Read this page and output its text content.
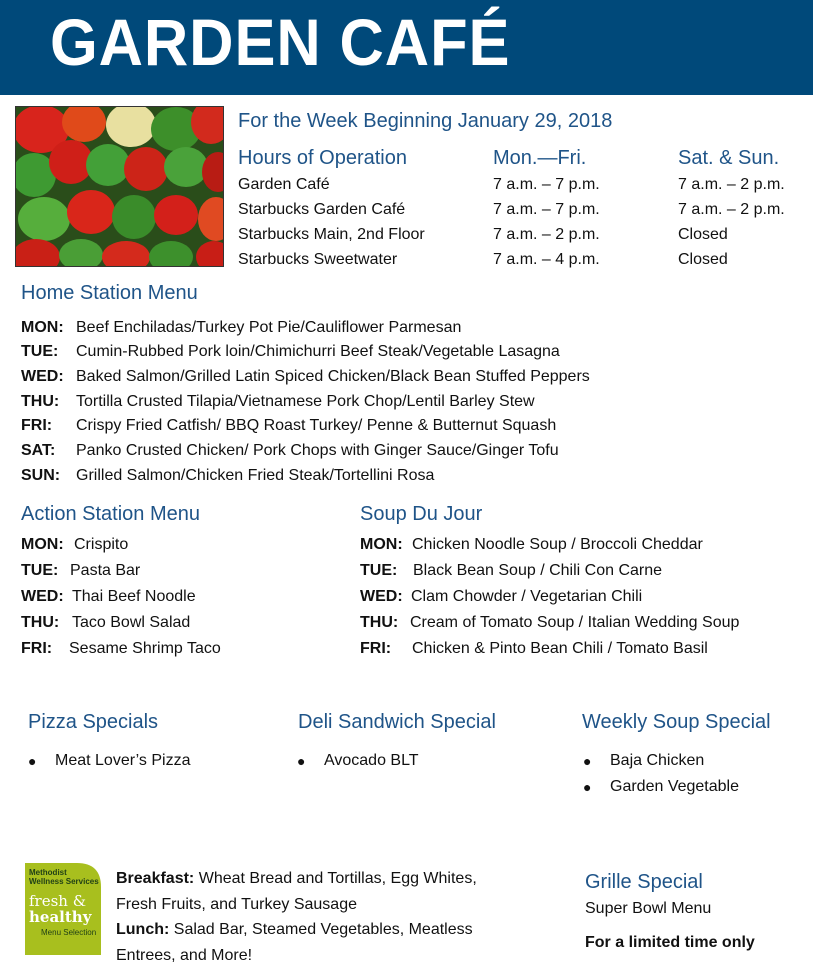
GARDEN CAFÉ
For the Week Beginning January 29, 2018
Hours of Operation	Mon.—Fri.	Sat. & Sun.
Garden Café	7 a.m. – 7 p.m.	7 a.m. – 2 p.m.
Starbucks Garden Café	7 a.m. – 7 p.m.	7 a.m. – 2 p.m.
Starbucks Main, 2nd Floor	7 a.m. – 2 p.m.	Closed
Starbucks Sweetwater	7 a.m. – 4 p.m.	Closed
Home Station Menu
MON: Beef Enchiladas/Turkey Pot Pie/Cauliflower Parmesan
TUE: Cumin-Rubbed Pork loin/Chimichurri Beef Steak/Vegetable Lasagna
WED: Baked Salmon/Grilled Latin Spiced Chicken/Black Bean Stuffed Peppers
THU: Tortilla Crusted Tilapia/Vietnamese Pork Chop/Lentil Barley Stew
FRI: Crispy Fried Catfish/ BBQ Roast Turkey/ Penne & Butternut Squash
SAT: Panko Crusted Chicken/ Pork Chops with Ginger Sauce/Ginger Tofu
SUN: Grilled Salmon/Chicken Fried Steak/Tortellini Rosa
Action Station Menu
MON: Crispito
TUE: Pasta Bar
WED: Thai Beef Noodle
THU: Taco Bowl Salad
FRI: Sesame Shrimp Taco
Soup Du Jour
MON: Chicken Noodle Soup / Broccoli Cheddar
TUE: Black Bean Soup / Chili Con Carne
WED: Clam Chowder / Vegetarian Chili
THU: Cream of Tomato Soup / Italian Wedding Soup
FRI: Chicken & Pinto Bean Chili / Tomato Basil
Pizza Specials
● Meat Lover’s Pizza
Deli Sandwich Special
● Avocado BLT
Weekly Soup Special
● Baja Chicken
● Garden Vegetable
Methodist
Wellness Services
fresh &
healthy
Menu Selection
Breakfast: Wheat Bread and Tortillas, Egg Whites,
Fresh Fruits, and Turkey Sausage
Lunch: Salad Bar, Steamed Vegetables, Meatless
Entrees, and More!
Grille Special
Super Bowl Menu
For a limited time only
